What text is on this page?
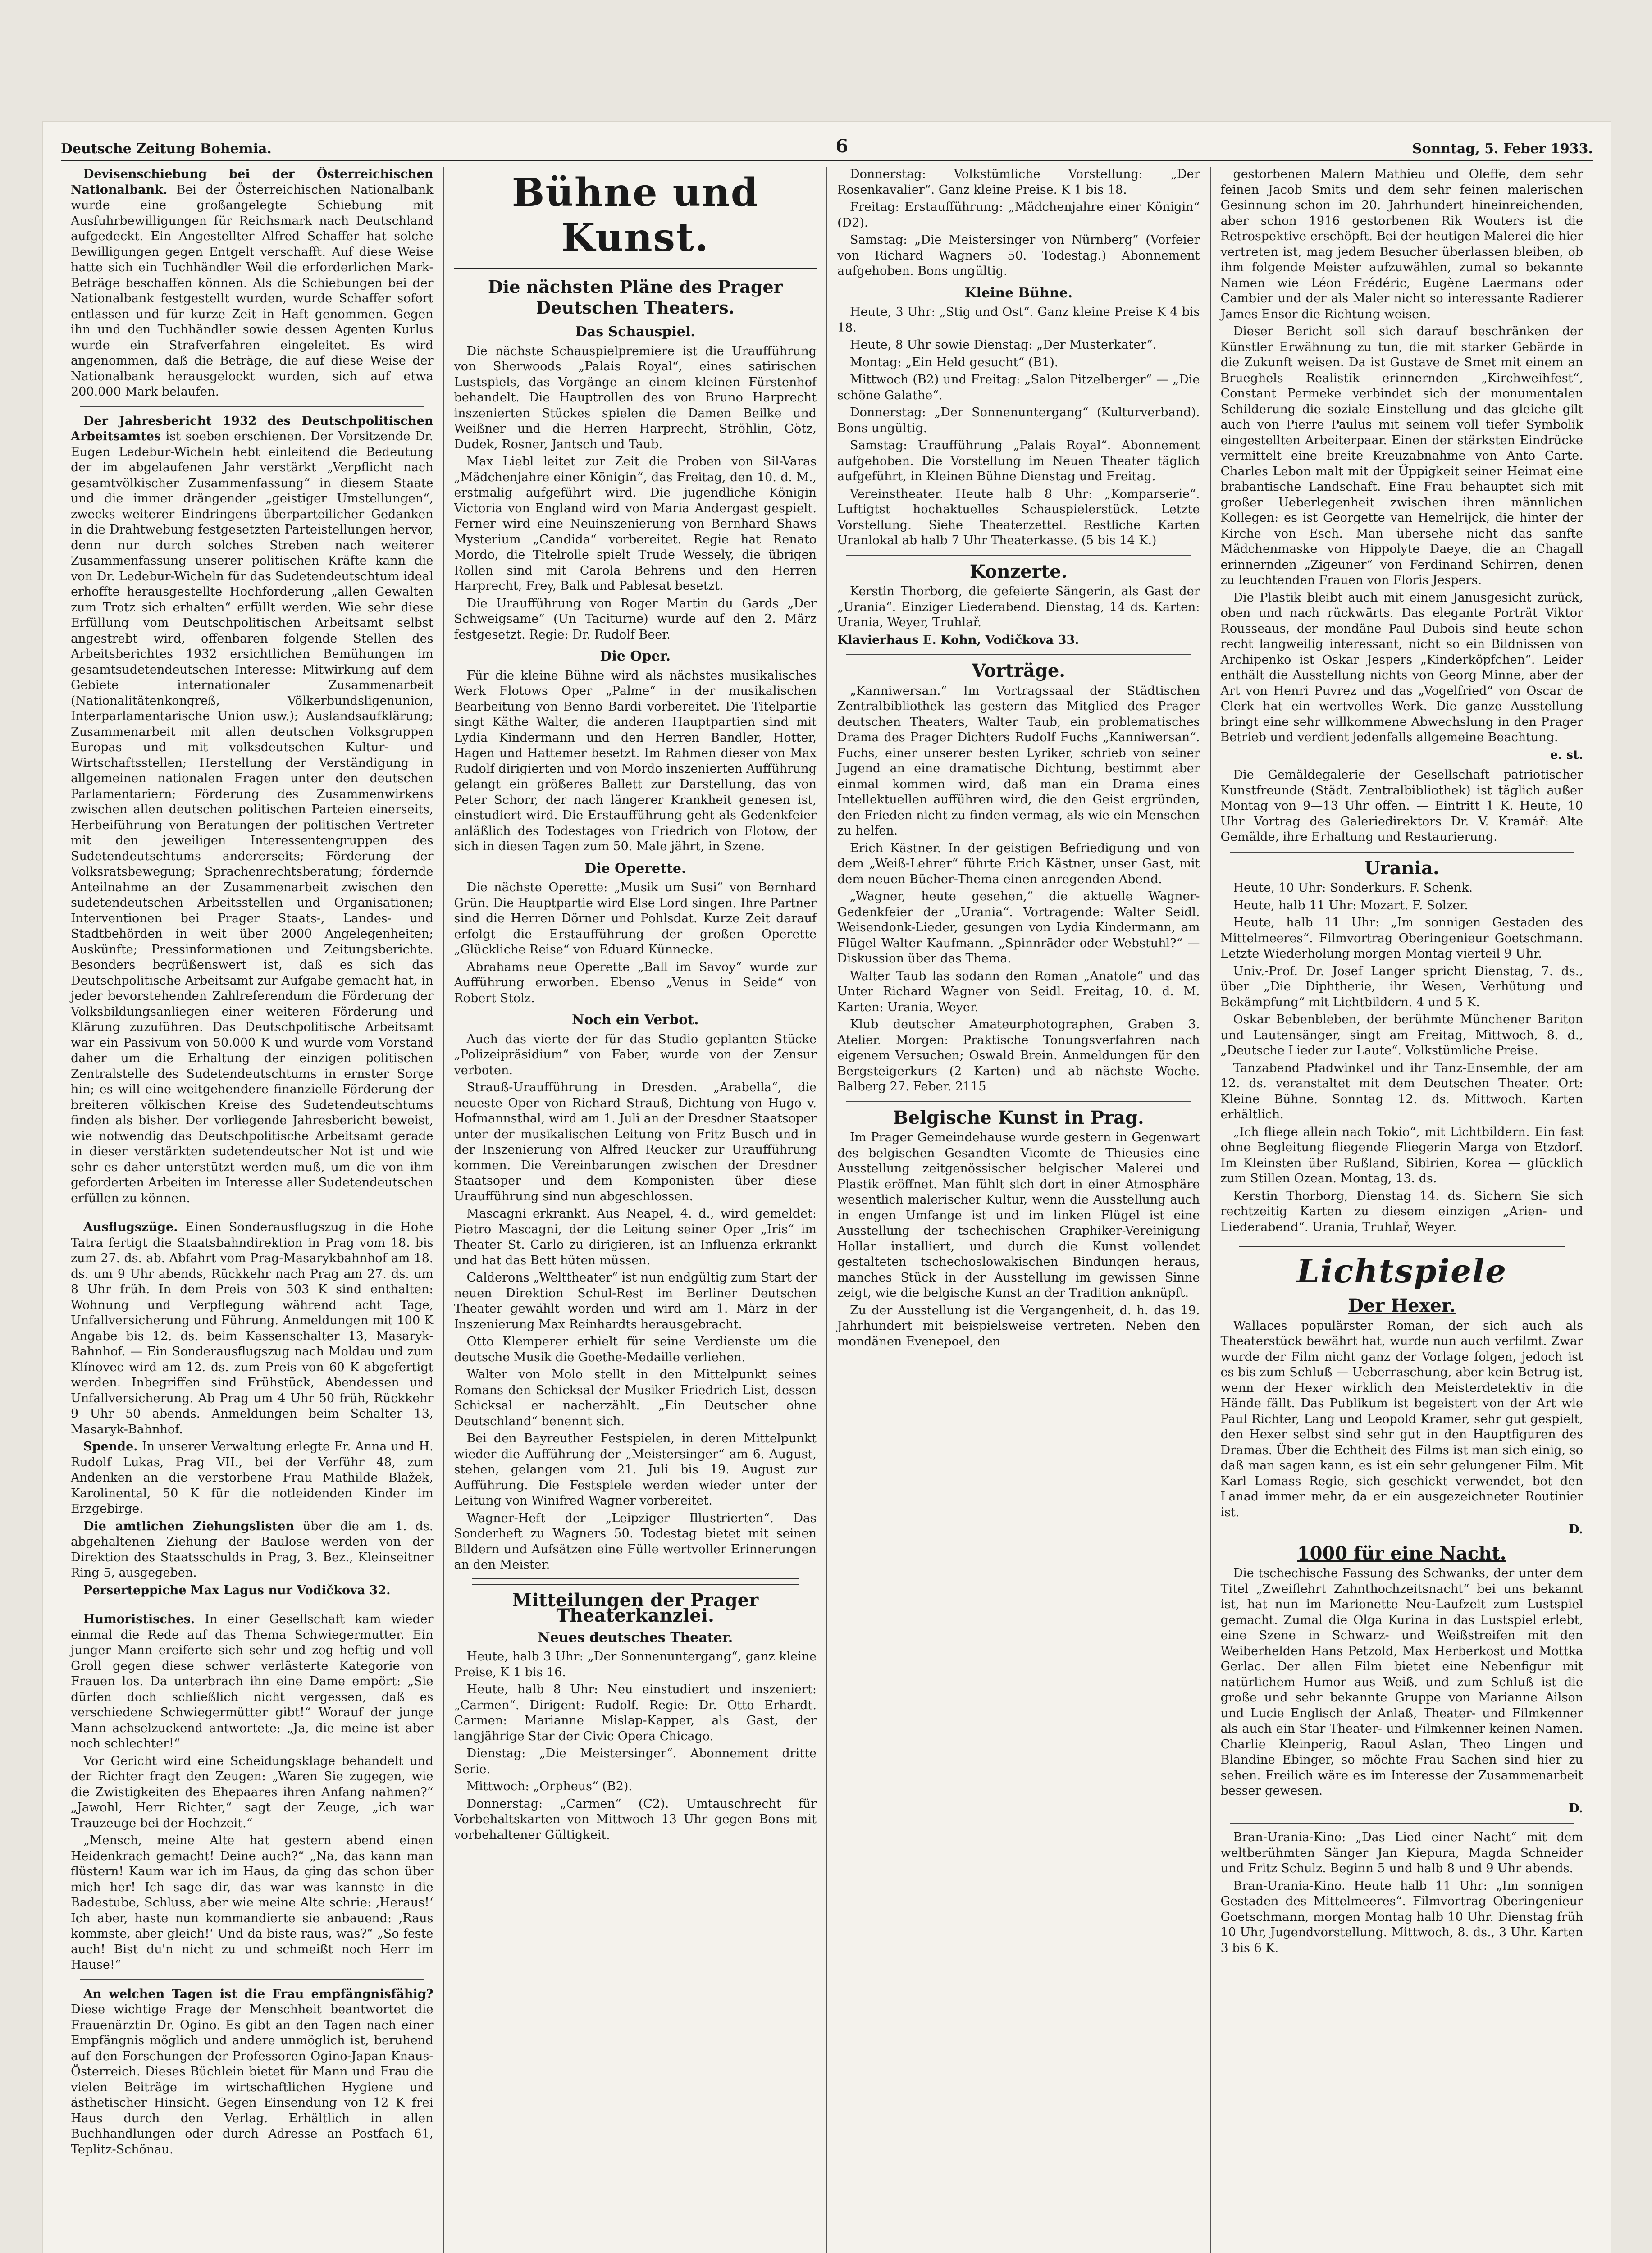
Deutsche Zeitung Bohemia.	6	Sonntag, 5. Feber 1933.

Devisenschiebung bei der Österreichischen Nationalbank. Bei der Österreichischen Nationalbank wurde eine großangelegte Schiebung mit Ausfuhrbewilligungen für Reichsmark nach Deutschland aufgedeckt. Ein Angestellter Alfred Schaffer hat solche Bewilligungen gegen Entgelt verschafft. Auf diese Weise hatte sich ein Tuchhändler Weil die erforderlichen Mark-Beträge beschaffen können. Als die Schiebungen bei der Nationalbank festgestellt wurden, wurde Schaffer sofort entlassen und für kurze Zeit in Haft genommen. Gegen ihn und den Tuchhändler sowie dessen Agenten Kurlus wurde ein Strafverfahren eingeleitet. Es wird angenommen, daß die Beträge, die auf diese Weise der Nationalbank herausgelockt wurden, sich auf etwa 200.000 Mark belaufen.

Der Jahresbericht 1932 des Deutschpolitischen Arbeitsamtes ist soeben erschienen. Der Vorsitzende Dr. Eugen Ledebur-Wicheln hebt einleitend die Bedeutung der im abgelaufenen Jahr verstärkt „Verpflicht nach gesamtvölkischer Zusammenfassung“ in diesem Staate und die immer drängender „geistiger Umstellungen“, zwecks weiterer Eindringens überparteilicher Gedanken in die Drahtwebung festgesetzten Parteistellungen hervor, denn nur durch solches Streben nach weiterer Zusammenfassung unserer politischen Kräfte kann die von Dr. Ledebur-Wicheln für das Sudetendeutschtum ideal erhoffte herausgestellte Hochforderung „allen Gewalten zum Trotz sich erhalten“ erfüllt werden. Wie sehr diese Erfüllung vom Deutschpolitischen Arbeitsamt selbst angestrebt wird, offenbaren folgende Stellen des Arbeitsberichtes 1932 ersichtlichen Bemühungen im gesamtsudetendeutschen Interesse: Mitwirkung auf dem Gebiete internationaler Zusammenarbeit (Nationalitätenkongreß, Völkerbundsligenunion, Interparlamentarische Union usw.); Auslandsaufklärung; Zusammenarbeit mit allen deutschen Volksgruppen Europas und mit volksdeutschen Kultur- und Wirtschaftsstellen; Herstellung der Verständigung in allgemeinen nationalen Fragen unter den deutschen Parlamentariern; Förderung des Zusammenwirkens zwischen allen deutschen politischen Parteien einerseits, Herbeiführung von Beratungen der politischen Vertreter mit den jeweiligen Interessentengruppen des Sudetendeutschtums andererseits; Förderung der Volksratsbewegung; Sprachenrechtsberatung; fördernde Anteilnahme an der Zusammenarbeit zwischen den sudetendeutschen Arbeitsstellen und Organisationen; Interventionen bei Prager Staats-, Landes- und Stadtbehörden in weit über 2000 Angelegenheiten; Auskünfte; Pressinformationen und Zeitungsberichte. Besonders begrüßenswert ist, daß es sich das Deutschpolitische Arbeitsamt zur Aufgabe gemacht hat, in jeder bevorstehenden Zahlreferendum die Förderung der Volksbildungsanliegen einer weiteren Förderung und Klärung zuzuführen. Das Deutschpolitische Arbeitsamt war ein Passivum von 50.000 K und wurde vom Vorstand daher um die Erhaltung der einzigen politischen Zentralstelle des Sudetendeutschtums in ernster Sorge hin; es will eine weitgehendere finanzielle Förderung der breiteren völkischen Kreise des Sudetendeutschtums finden als bisher. Der vorliegende Jahresbericht beweist, wie notwendig das Deutschpolitische Arbeitsamt gerade in dieser verstärkten sudetendeutscher Not ist und wie sehr es daher unterstützt werden muß, um die von ihm geforderten Arbeiten im Interesse aller Sudetendeutschen erfüllen zu können.

Ausflugszüge. Einen Sonderausflugszug in die Hohe Tatra fertigt die Staatsbahndirektion in Prag vom 18. bis zum 27. ds. ab. Abfahrt vom Prag-Masarykbahnhof am 18. ds. um 9 Uhr abends, Rückkehr nach Prag am 27. ds. um 8 Uhr früh. In dem Preis von 503 K sind enthalten: Wohnung und Verpflegung während acht Tage, Unfallversicherung und Führung. Anmeldungen mit 100 K Angabe bis 12. ds. beim Kassenschalter 13, Masaryk-Bahnhof. — Ein Sonderausflugszug nach Moldau und zum Klínovec wird am 12. ds. zum Preis von 60 K abgefertigt werden. Inbegriffen sind Frühstück, Abendessen und Unfallversicherung. Ab Prag um 4 Uhr 50 früh, Rückkehr 9 Uhr 50 abends. Anmeldungen beim Schalter 13, Masaryk-Bahnhof.

Spende. In unserer Verwaltung erlegte Fr. Anna und H. Rudolf Lukas, Prag VII., bei der Verführ 48, zum Andenken an die verstorbene Frau Mathilde Blažek, Karolinental, 50 K für die notleidenden Kinder im Erzgebirge.

Die amtlichen Ziehungslisten über die am 1. ds. abgehaltenen Ziehung der Baulose werden von der Direktion des Staatsschulds in Prag, 3. Bez., Kleinseitner Ring 5, ausgegeben.

Perserteppiche Max Lagus nur Vodičkova 32.

Humoristisches. In einer Gesellschaft kam wieder einmal die Rede auf das Thema Schwiegermutter. Ein junger Mann ereiferte sich sehr und zog heftig und voll Groll gegen diese schwer verlästerte Kategorie von Frauen los. Da unterbrach ihn eine Dame empört: „Sie dürfen doch schließlich nicht vergessen, daß es verschiedene Schwiegermütter gibt!“ Worauf der junge Mann achselzuckend antwortete: „Ja, die meine ist aber noch schlechter!“

Vor Gericht wird eine Scheidungsklage behandelt und der Richter fragt den Zeugen: „Waren Sie zugegen, wie die Zwistigkeiten des Ehepaares ihren Anfang nahmen?“ „Jawohl, Herr Richter,“ sagt der Zeuge, „ich war Trauzeuge bei der Hochzeit.“

„Mensch, meine Alte hat gestern abend einen Heidenkrach gemacht! Deine auch?“ „Na, das kann man flüstern! Kaum war ich im Haus, da ging das schon über mich her! Ich sage dir, das war was kannste in die Badestube, Schluss, aber wie meine Alte schrie: ‚Heraus!‘ Ich aber, haste nun kommandierte sie anbauend: ‚Raus kommste, aber gleich!‘ Und da biste raus, was?“ „So feste auch! Bist du'n nicht zu und schmeißt noch Herr im Hause!“

An welchen Tagen ist die Frau empfängnisfähig? Diese wichtige Frage der Menschheit beantwortet die Frauenärztin Dr. Ogino. Es gibt an den Tagen nach einer Empfängnis möglich und andere unmöglich ist, beruhend auf den Forschungen der Professoren Ogino-Japan Knaus-Österreich. Dieses Büchlein bietet für Mann und Frau die vielen Beiträge im wirtschaftlichen Hygiene und ästhetischer Hinsicht. Gegen Einsendung von 12 K frei Haus durch den Verlag. Erhältlich in allen Buchhandlungen oder durch Adresse an Postfach 61, Teplitz-Schönau.

Bühne und Kunst.
Die nächsten Pläne des Prager Deutschen Theaters.
Das Schauspiel.

Die nächste Schauspielpremiere ist die Uraufführung von Sherwoods „Palais Royal“, eines satirischen Lustspiels, das Vorgänge an einem kleinen Fürstenhof behandelt. Die Hauptrollen des von Bruno Harprecht inszenierten Stückes spielen die Damen Beilke und Weißner und die Herren Harprecht, Ströhlin, Götz, Dudek, Rosner, Jantsch und Taub.

Max Liebl leitet zur Zeit die Proben von Sil-Varas „Mädchenjahre einer Königin“, das Freitag, den 10. d. M., erstmalig aufgeführt wird. Die jugendliche Königin Victoria von England wird von Maria Andergast gespielt. Ferner wird eine Neuinszenierung von Bernhard Shaws Mysterium „Candida“ vorbereitet. Regie hat Renato Mordo, die Titelrolle spielt Trude Wessely, die übrigen Rollen sind mit Carola Behrens und den Herren Harprecht, Frey, Balk und Pablesat besetzt.

Die Uraufführung von Roger Martin du Gards „Der Schweigsame“ (Un Taciturne) wurde auf den 2. März festgesetzt. Regie: Dr. Rudolf Beer.

Die Oper.

Für die kleine Bühne wird als nächstes musikalisches Werk Flotows Oper „Palme“ in der musikalischen Bearbeitung von Benno Bardi vorbereitet. Die Titelpartie singt Käthe Walter, die anderen Hauptpartien sind mit Lydia Kindermann und den Herren Bandler, Hotter, Hagen und Hattemer besetzt. Im Rahmen dieser von Max Rudolf dirigierten und von Mordo inszenierten Aufführung gelangt ein größeres Ballett zur Darstellung, das von Peter Schorr, der nach längerer Krankheit genesen ist, einstudiert wird. Die Erstaufführung geht als Gedenkfeier anläßlich des Todestages von Friedrich von Flotow, der sich in diesen Tagen zum 50. Male jährt, in Szene.

Die Operette.

Die nächste Operette: „Musik um Susi“ von Bernhard Grün. Die Hauptpartie wird Else Lord singen. Ihre Partner sind die Herren Dörner und Pohlsdat. Kurze Zeit darauf erfolgt die Erstaufführung der großen Operette „Glückliche Reise“ von Eduard Künnecke.

Abrahams neue Operette „Ball im Savoy“ wurde zur Aufführung erworben. Ebenso „Venus in Seide“ von Robert Stolz.

Noch ein Verbot.

Auch das vierte der für das Studio geplanten Stücke „Polizeipräsidium“ von Faber, wurde von der Zensur verboten.

Strauß-Uraufführung in Dresden. „Arabella“, die neueste Oper von Richard Strauß, Dichtung von Hugo v. Hofmannsthal, wird am 1. Juli an der Dresdner Staatsoper unter der musikalischen Leitung von Fritz Busch und in der Inszenierung von Alfred Reucker zur Uraufführung kommen. Die Vereinbarungen zwischen der Dresdner Staatsoper und dem Komponisten über diese Uraufführung sind nun abgeschlossen.

Mascagni erkrankt. Aus Neapel, 4. d., wird gemeldet: Pietro Mascagni, der die Leitung seiner Oper „Iris“ im Theater St. Carlo zu dirigieren, ist an Influenza erkrankt und hat das Bett hüten müssen.

Calderons „Welttheater“ ist nun endgültig zum Start der neuen Direktion Schul-Rest im Berliner Deutschen Theater gewählt worden und wird am 1. März in der Inszenierung Max Reinhardts herausgebracht.

Otto Klemperer erhielt für seine Verdienste um die deutsche Musik die Goethe-Medaille verliehen.

Walter von Molo stellt in den Mittelpunkt seines Romans den Schicksal der Musiker Friedrich List, dessen Schicksal er nacherzählt. „Ein Deutscher ohne Deutschland“ benennt sich.

Bei den Bayreuther Festspielen, in deren Mittelpunkt wieder die Aufführung der „Meistersinger“ am 6. August, stehen, gelangen vom 21. Juli bis 19. August zur Aufführung. Die Festspiele werden wieder unter der Leitung von Winifred Wagner vorbereitet.

Wagner-Heft der „Leipziger Illustrierten“. Das Sonderheft zu Wagners 50. Todestag bietet mit seinen Bildern und Aufsätzen eine Fülle wertvoller Erinnerungen an den Meister.

Mitteilungen der Prager Theaterkanzlei.
Neues deutsches Theater.

Heute, halb 3 Uhr: „Der Sonnenuntergang“, ganz kleine Preise, K 1 bis 16.

Heute, halb 8 Uhr: Neu einstudiert und inszeniert: „Carmen“. Dirigent: Rudolf. Regie: Dr. Otto Erhardt. Carmen: Marianne Mislap-Kapper, als Gast, der langjährige Star der Civic Opera Chicago.

Dienstag: „Die Meistersinger“. Abonnement dritte Serie.

Mittwoch: „Orpheus“ (B2).

Donnerstag: „Carmen“ (C2). Umtauschrecht für Vorbehaltskarten von Mittwoch 13 Uhr gegen Bons mit vorbehaltener Gültigkeit.

Donnerstag: Volkstümliche Vorstellung: „Der Rosenkavalier“. Ganz kleine Preise. K 1 bis 18.

Freitag: Erstaufführung: „Mädchenjahre einer Königin“ (D2).

Samstag: „Die Meistersinger von Nürnberg“ (Vorfeier von Richard Wagners 50. Todestag.) Abonnement aufgehoben. Bons ungültig.

Kleine Bühne.

Heute, 3 Uhr: „Stig und Ost“. Ganz kleine Preise K 4 bis 18.

Heute, 8 Uhr sowie Dienstag: „Der Musterkater“.

Montag: „Ein Held gesucht“ (B1).

Mittwoch (B2) und Freitag: „Salon Pitzelberger“ — „Die schöne Galathe“.

Donnerstag: „Der Sonnenuntergang“ (Kulturverband). Bons ungültig.

Samstag: Uraufführung „Palais Royal“. Abonnement aufgehoben. Die Vorstellung im Neuen Theater täglich aufgeführt, in Kleinen Bühne Dienstag und Freitag.

Vereinstheater. Heute halb 8 Uhr: „Komparserie“. Luftigtst hochaktuelles Schauspielerstück. Letzte Vorstellung. Siehe Theaterzettel. Restliche Karten Uranlokal ab halb 7 Uhr Theaterkasse. (5 bis 14 K.)

Konzerte.

Kerstin Thorborg, die gefeierte Sängerin, als Gast der „Urania“. Einziger Liederabend. Dienstag, 14 ds. Karten: Urania, Weyer, Truhlař.

Klavierhaus E. Kohn, Vodičkova 33.

Vorträge.

„Kanniwersan.“ Im Vortragssaal der Städtischen Zentralbibliothek las gestern das Mitglied des Prager deutschen Theaters, Walter Taub, ein problematisches Drama des Prager Dichters Rudolf Fuchs „Kanniwersan“. Fuchs, einer unserer besten Lyriker, schrieb von seiner Jugend an eine dramatische Dichtung, bestimmt aber einmal kommen wird, daß man ein Drama eines Intellektuellen aufführen wird, die den Geist ergründen, den Frieden nicht zu finden vermag, als wie ein Menschen zu helfen.

Erich Kästner. In der geistigen Befriedigung und von dem „Weiß-Lehrer“ führte Erich Kästner, unser Gast, mit dem neuen Bücher-Thema einen anregenden Abend.

„Wagner, heute gesehen,“ die aktuelle Wagner-Gedenkfeier der „Urania“. Vortragende: Walter Seidl. Weisendonk-Lieder, gesungen von Lydia Kindermann, am Flügel Walter Kaufmann. „Spinnräder oder Webstuhl?“ — Diskussion über das Thema.

Walter Taub las sodann den Roman „Anatole“ und das Unter Richard Wagner von Seidl. Freitag, 10. d. M. Karten: Urania, Weyer.

Klub deutscher Amateurphotographen, Graben 3. Atelier. Morgen: Praktische Tonungsverfahren nach eigenem Versuchen; Oswald Brein. Anmeldungen für den Bergsteigerkurs (2 Karten) und ab nächste Woche. Balberg 27. Feber. 2115

Belgische Kunst in Prag.

Im Prager Gemeindehause wurde gestern in Gegenwart des belgischen Gesandten Vicomte de Thieusies eine Ausstellung zeitgenössischer belgischer Malerei und Plastik eröffnet. Man fühlt sich dort in einer Atmosphäre wesentlich malerischer Kultur, wenn die Ausstellung auch in engen Umfange ist und im linken Flügel ist eine Ausstellung der tschechischen Graphiker-Vereinigung Hollar installiert, und durch die Kunst vollendet gestalteten tschechoslowakischen Bindungen heraus, manches Stück in der Ausstellung im gewissen Sinne zeigt, wie die belgische Kunst an der Tradition anknüpft.

Zu der Ausstellung ist die Vergangenheit, d. h. das 19. Jahrhundert mit beispielsweise vertreten. Neben den mondänen Evenepoel, den

gestorbenen Malern Mathieu und Oleffe, dem sehr feinen Jacob Smits und dem sehr feinen malerischen Gesinnung schon im 20. Jahrhundert hineinreichenden, aber schon 1916 gestorbenen Rik Wouters ist die Retrospektive erschöpft. Bei der heutigen Malerei die hier vertreten ist, mag jedem Besucher überlassen bleiben, ob ihm folgende Meister aufzuwählen, zumal so bekannte Namen wie Léon Frédéric, Eugène Laermans oder Cambier und der als Maler nicht so interessante Radierer James Ensor die Richtung weisen.

Dieser Bericht soll sich darauf beschränken der Künstler Erwähnung zu tun, die mit starker Gebärde in die Zukunft weisen. Da ist Gustave de Smet mit einem an Brueghels Realistik erinnernden „Kirchweihfest“, Constant Permeke verbindet sich der monumentalen Schilderung die soziale Einstellung und das gleiche gilt auch von Pierre Paulus mit seinem voll tiefer Symbolik eingestellten Arbeiterpaar. Einen der stärksten Eindrücke vermittelt eine breite Kreuzabnahme von Anto Carte. Charles Lebon malt mit der Üppigkeit seiner Heimat eine brabantische Landschaft. Eine Frau behauptet sich mit großer Ueberlegenheit zwischen ihren männlichen Kollegen: es ist Georgette van Hemelrijck, die hinter der Kirche von Esch. Man übersehe nicht das sanfte Mädchenmaske von Hippolyte Daeye, die an Chagall erinnernden „Zigeuner“ von Ferdinand Schirren, denen zu leuchtenden Frauen von Floris Jespers.

Die Plastik bleibt auch mit einem Janusgesicht zurück, oben und nach rückwärts. Das elegante Porträt Viktor Rousseaus, der mondäne Paul Dubois sind heute schon recht langweilig interessant, nicht so ein Bildnissen von Archipenko ist Oskar Jespers „Kinderköpfchen“. Leider enthält die Ausstellung nichts von Georg Minne, aber der Art von Henri Puvrez und das „Vogelfried“ von Oscar de Clerk hat ein wertvolles Werk. Die ganze Ausstellung bringt eine sehr willkommene Abwechslung in den Prager Betrieb und verdient jedenfalls allgemeine Beachtung.

e. st.

Die Gemäldegalerie der Gesellschaft patriotischer Kunstfreunde (Städt. Zentralbibliothek) ist täglich außer Montag von 9—13 Uhr offen. — Eintritt 1 K. Heute, 10 Uhr Vortrag des Galeriedirektors Dr. V. Kramář: Alte Gemälde, ihre Erhaltung und Restaurierung.

Urania.

Heute, 10 Uhr: Sonderkurs. F. Schenk.

Heute, halb 11 Uhr: Mozart. F. Solzer.

Heute, halb 11 Uhr: „Im sonnigen Gestaden des Mittelmeeres“. Filmvortrag Oberingenieur Goetschmann. Letzte Wiederholung morgen Montag vierteil 9 Uhr.

Univ.-Prof. Dr. Josef Langer spricht Dienstag, 7. ds., über „Die Diphtherie, ihr Wesen, Verhütung und Bekämpfung“ mit Lichtbildern. 4 und 5 K.

Oskar Bebenbleben, der berühmte Münchener Bariton und Lautensänger, singt am Freitag, Mittwoch, 8. d., „Deutsche Lieder zur Laute“. Volkstümliche Preise.

Tanzabend Pfadwinkel und ihr Tanz-Ensemble, der am 12. ds. veranstaltet mit dem Deutschen Theater. Ort: Kleine Bühne. Sonntag 12. ds. Mittwoch. Karten erhältlich.

„Ich fliege allein nach Tokio“, mit Lichtbildern. Ein fast ohne Begleitung fliegende Fliegerin Marga von Etzdorf. Im Kleinsten über Rußland, Sibirien, Korea — glücklich zum Stillen Ozean. Montag, 13. ds.

Kerstin Thorborg, Dienstag 14. ds. Sichern Sie sich rechtzeitig Karten zu diesem einzigen „Arien- und Liederabend“. Urania, Truhlař, Weyer.

Lichtspiele
Der Hexer.

Wallaces populärster Roman, der sich auch als Theaterstück bewährt hat, wurde nun auch verfilmt. Zwar wurde der Film nicht ganz der Vorlage folgen, jedoch ist es bis zum Schluß — Ueberraschung, aber kein Betrug ist, wenn der Hexer wirklich den Meisterdetektiv in die Hände fällt. Das Publikum ist begeistert von der Art wie Paul Richter, Lang und Leopold Kramer, sehr gut gespielt, den Hexer selbst sind sehr gut in den Hauptfiguren des Dramas. Über die Echtheit des Films ist man sich einig, so daß man sagen kann, es ist ein sehr gelungener Film. Mit Karl Lomass Regie, sich geschickt verwendet, bot den Lanad immer mehr, da er ein ausgezeichneter Routinier ist.

D.
1000 für eine Nacht.

Die tschechische Fassung des Schwanks, der unter dem Titel „Zweiflehrt Zahnthochzeitsnacht“ bei uns bekannt ist, hat nun im Marionette Neu-Laufzeit zum Lustspiel gemacht. Zumal die Olga Kurina in das Lustspiel erlebt, eine Szene in Schwarz- und Weißstreifen mit den Weiberhelden Hans Petzold, Max Herberkost und Mottka Gerlac. Der allen Film bietet eine Nebenfigur mit natürlichem Humor aus Weiß, und zum Schluß ist die große und sehr bekannte Gruppe von Marianne Ailson und Lucie Englisch der Anlaß, Theater- und Filmkenner als auch ein Star Theater- und Filmkenner keinen Namen. Charlie Kleinperig, Raoul Aslan, Theo Lingen und Blandine Ebinger, so möchte Frau Sachen sind hier zu sehen. Freilich wäre es im Interesse der Zusammenarbeit besser gewesen.

D.

Bran-Urania-Kino: „Das Lied einer Nacht“ mit dem weltberühmten Sänger Jan Kiepura, Magda Schneider und Fritz Schulz. Beginn 5 und halb 8 und 9 Uhr abends.

Bran-Urania-Kino. Heute halb 11 Uhr: „Im sonnigen Gestaden des Mittelmeeres“. Filmvortrag Oberingenieur Goetschmann, morgen Montag halb 10 Uhr. Dienstag früh 10 Uhr, Jugendvorstellung. Mittwoch, 8. ds., 3 Uhr. Karten 3 bis 6 K.
